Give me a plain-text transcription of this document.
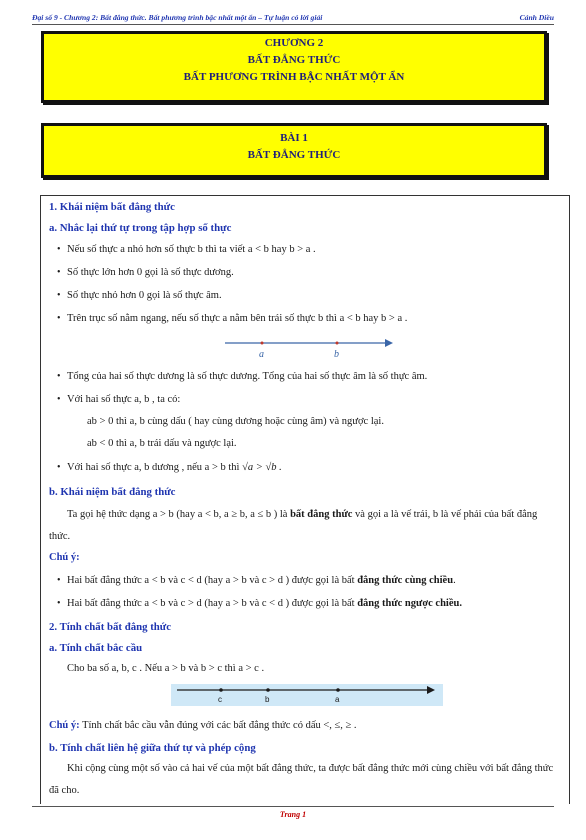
Đại số 9 - Chương 2: Bất đẳng thức. Bất phương trình bậc nhất một ẩn – Tự luận có lời giải	Cánh Diều
CHƯƠNG 2
BẤT ĐẲNG THỨC
BẤT PHƯƠNG TRÌNH BẬC NHẤT MỘT ẨN
BÀI 1
BẤT ĐẲNG THỨC
1. Khái niệm bất đẳng thức
a. Nhắc lại thứ tự trong tập hợp số thực
• Nếu số thực a nhỏ hơn số thực b thì ta viết a < b hay b > a .
• Số thực lớn hơn 0 gọi là số thực dương.
• Số thực nhỏ hơn 0 gọi là số thực âm.
• Trên trục số nằm ngang, nếu số thực a nằm bên trái số thực b thì a < b hay b > a .
a	b
• Tổng của hai số thực dương là số thực dương. Tổng của hai số thực âm là số thực âm.
• Với hai số thực a, b , ta có:
ab > 0 thì a, b cùng dấu ( hay cùng dương hoặc cùng âm) và ngược lại.
ab < 0 thì a, b trái dấu và ngược lại.
• Với hai số thực a, b dương , nếu a > b thì √a > √b .
b. Khái niệm bất đẳng thức
Ta gọi hệ thức dạng a > b (hay a < b, a ≥ b, a ≤ b ) là bất đẳng thức và gọi a là vế trái, b là vế phải của bất đẳng thức.
Chú ý:
• Hai bất đẳng thức a < b và c < d (hay a > b và c > d ) được gọi là bất đẳng thức cùng chiều.
• Hai bất đẳng thức a < b và c > d (hay a > b và c < d ) được gọi là bất đẳng thức ngược chiều.
2. Tính chất bất đẳng thức
a. Tính chất bắc cầu
Cho ba số a, b, c . Nếu a > b và b > c thì a > c .
c	b	a
Chú ý: Tính chất bắc cầu vẫn đúng với các bất đẳng thức có dấu <, ≤, ≥ .
b. Tính chất liên hệ giữa thứ tự và phép cộng
Khi cộng cùng một số vào cả hai vế của một bất đẳng thức, ta được bất đẳng thức mới cùng chiều với bất đẳng thức đã cho.
Trang 1
